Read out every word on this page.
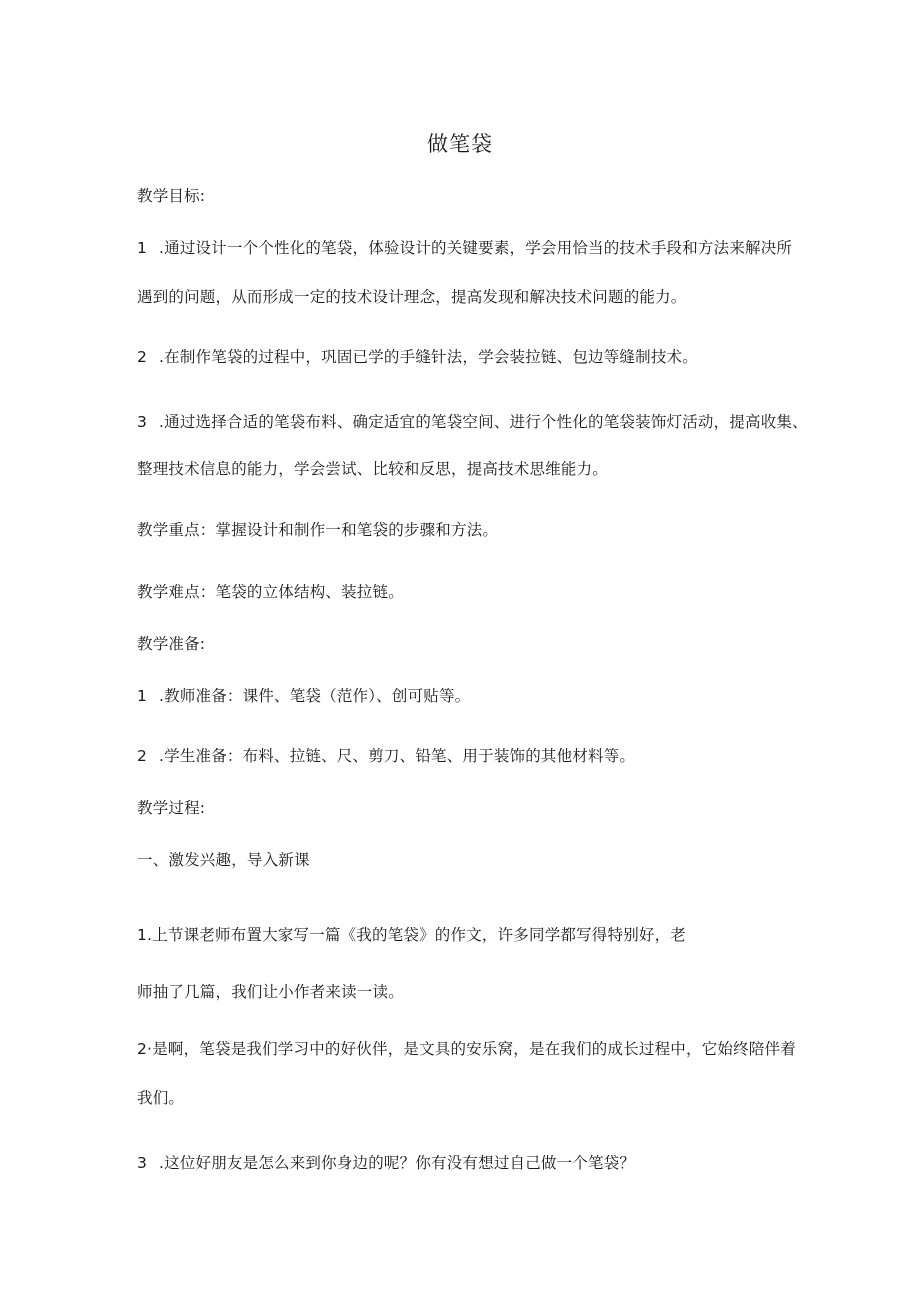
做笔袋
教学目标:
1 .通过设计一个个性化的笔袋，体验设计的关键要素，学会用恰当的技术手段和方法来解决所
遇到的问题，从而形成一定的技术设计理念，提高发现和解决技术问题的能力。
2 .在制作笔袋的过程中，巩固已学的手缝针法，学会装拉链、包边等缝制技术。
3 .通过选择合适的笔袋布料、确定适宜的笔袋空间、进行个性化的笔袋装饰灯活动，提高收集、
整理技术信息的能力，学会尝试、比较和反思，提高技术思维能力。
教学重点：掌握设计和制作一和笔袋的步骤和方法。
教学难点：笔袋的立体结构、装拉链。
教学准备:
1 .教师准备：课件、笔袋（范作）、创可贴等。
2 .学生准备：布料、拉链、尺、剪刀、铅笔、用于装饰的其他材料等。
教学过程:
一、激发兴趣，导入新课
1.上节课老师布置大家写一篇《我的笔袋》的作文，许多同学都写得特别好，老
师抽了几篇，我们让小作者来读一读。
2·是啊，笔袋是我们学习中的好伙伴，是文具的安乐窝，是在我们的成长过程中，它始终陪伴着
我们。
3 .这位好朋友是怎么来到你身边的呢？你有没有想过自己做一个笔袋？
